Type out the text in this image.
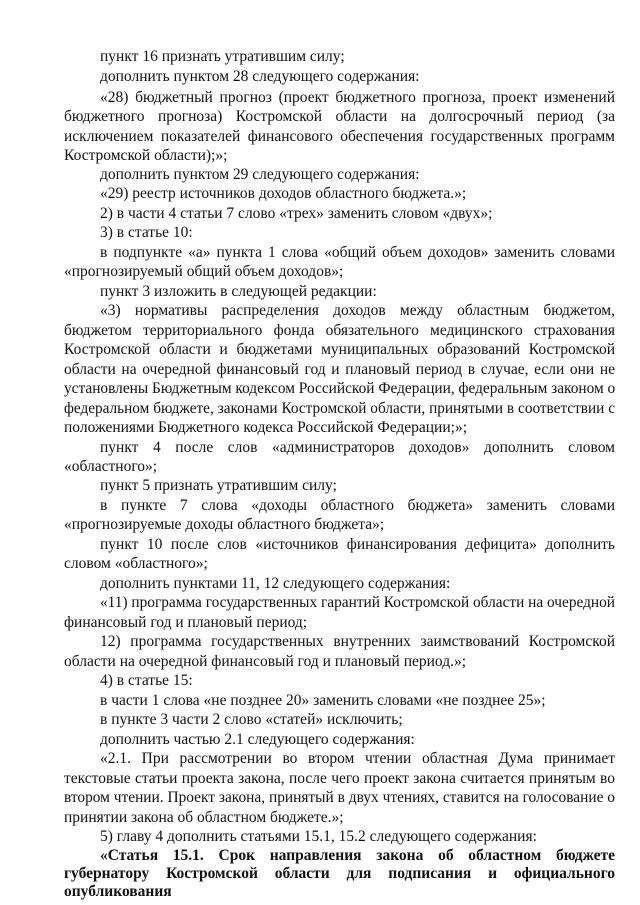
пункт 16 признать утратившим силу;
дополнить пунктом 28 следующего содержания:
«28) бюджетный прогноз (проект бюджетного прогноза, проект изменений
бюджетного прогноза) Костромской области на долгосрочный период (за
исключением показателей финансового обеспечения государственных программ
Костромской области);»;
дополнить пунктом 29 следующего содержания:
«29) реестр источников доходов областного бюджета.»;
2) в части 4 статьи 7 слово «трех» заменить словом «двух»;
3) в статье 10:
в подпункте «а» пункта 1 слова «общий объем доходов» заменить словами
«прогнозируемый общий объем доходов»;
пункт 3 изложить в следующей редакции:
«3) нормативы распределения доходов между областным бюджетом,
бюджетом территориального фонда обязательного медицинского страхования
Костромской области и бюджетами муниципальных образований Костромской
области на очередной финансовый год и плановый период в случае, если они не
установлены Бюджетным кодексом Российской Федерации, федеральным законом о
федеральном бюджете, законами Костромской области, принятыми в соответствии с
положениями Бюджетного кодекса Российской Федерации;»;
пункт 4 после слов «администраторов доходов» дополнить словом
«областного»;
пункт 5 признать утратившим силу;
в пункте 7 слова «доходы областного бюджета» заменить словами
«прогнозируемые доходы областного бюджета»;
пункт 10 после слов «источников финансирования дефицита» дополнить
словом «областного»;
дополнить пунктами 11, 12 следующего содержания:
«11) программа государственных гарантий Костромской области на очередной
финансовый год и плановый период;
12) программа государственных внутренних заимствований Костромской
области на очередной финансовый год и плановый период.»;
4) в статье 15:
в части 1 слова «не позднее 20» заменить словами «не позднее 25»;
в пункте 3 части 2 слово «статей» исключить;
дополнить частью 2.1 следующего содержания:
«2.1. При рассмотрении во втором чтении областная Дума принимает
текстовые статьи проекта закона, после чего проект закона считается принятым во
втором чтении. Проект закона, принятый в двух чтениях, ставится на голосование о
принятии закона об областном бюджете.»;
5) главу 4 дополнить статьями 15.1, 15.2 следующего содержания:
«Статья 15.1. Срок направления закона об областном бюджете
губернатору Костромской области для подписания и официального
опубликования
